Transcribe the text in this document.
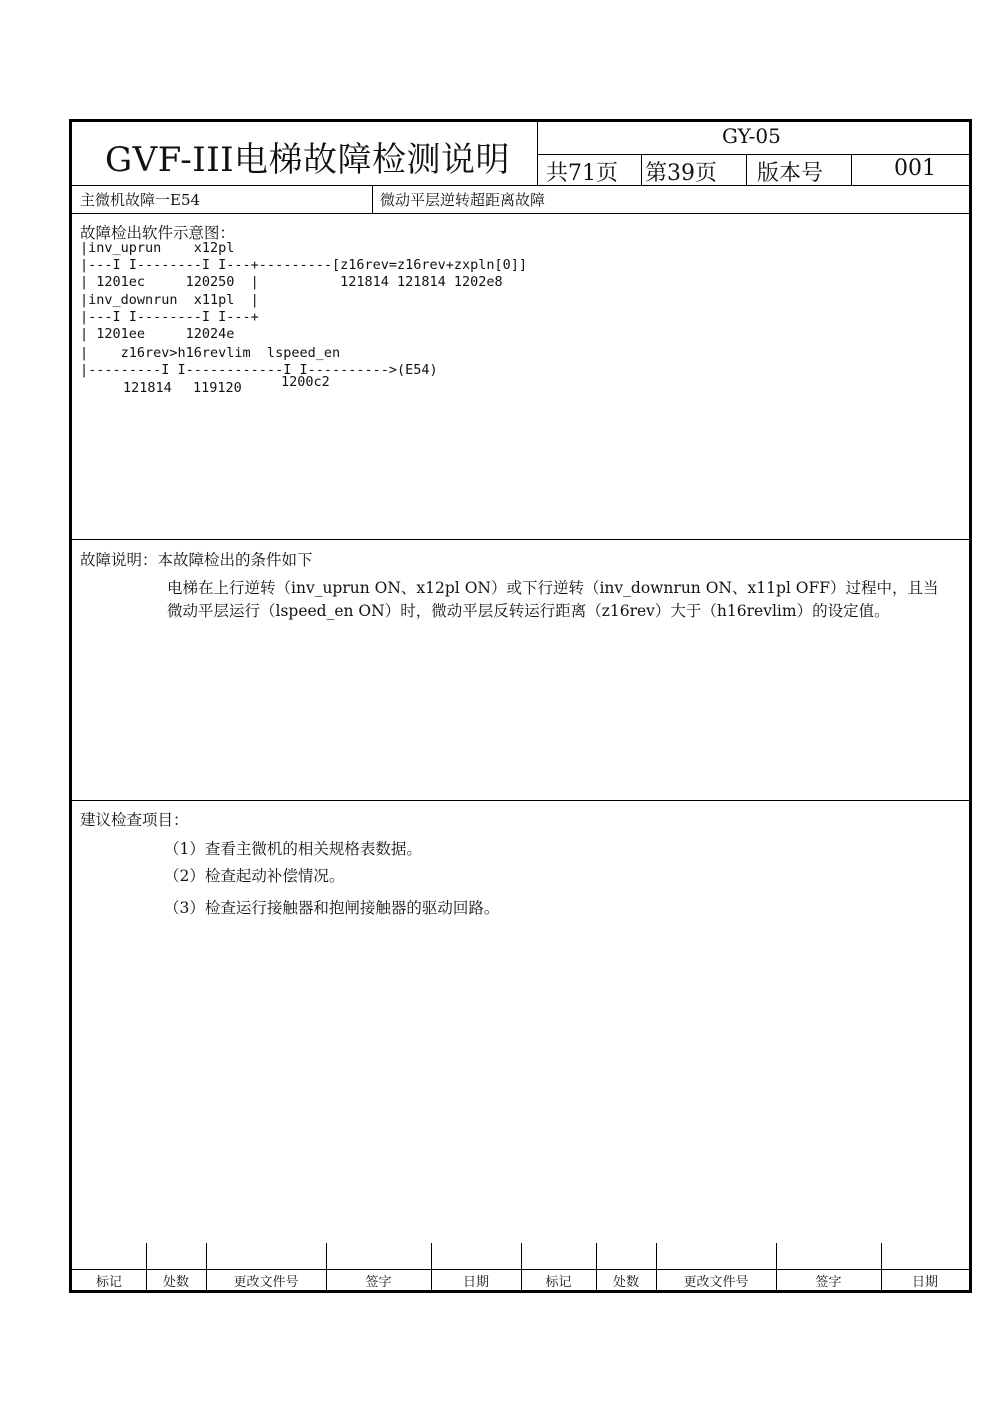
GVF-III电梯故障检测说明
GY-05
共71页 第39页 版本号	001
主微机故障一E54	微动平层逆转超距离故障
故障检出软件示意图：
|inv_uprun    x12pl
|---I I--------I I---+---------[z16rev=z16rev+zxpln[0]]
| 1201ec     120250  |          121814 121814 1202e8
|inv_downrun  x11pl  |
|---I I--------I I---+
| 1201ee     12024e
|    z16rev>h16revlim  lspeed_en
|---------I I------------I I---------->(E54)
121814 119120	1200c2
故障说明：本故障检出的条件如下
电梯在上行逆转（inv_uprun ON、x12pl ON）或下行逆转（inv_downrun ON、x11pl OFF）过程中，且当
微动平层运行（lspeed_en ON）时，微动平层反转运行距离（z16rev）大于（h16revlim）的设定值。
建议检查项目：
（1）查看主微机的相关规格表数据。
（2）检查起动补偿情况。
（3）检查运行接触器和抱闸接触器的驱动回路。
标记	处数	更改文件号	签字	日期	标记	处数	更改文件号	签字	日期
